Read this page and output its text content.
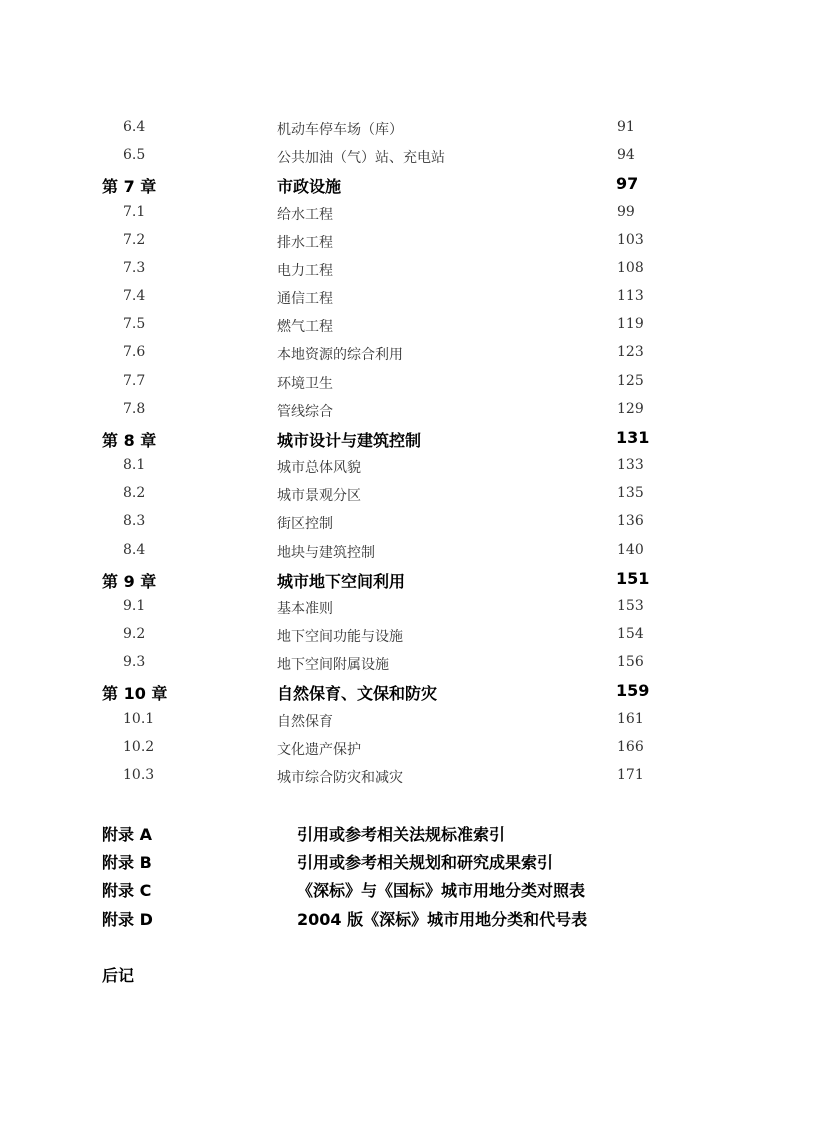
6.4	机动车停车场（库）	91
6.5	公共加油（气）站、充电站	94
第 7 章	市政设施	97
7.1	给水工程	99
7.2	排水工程	103
7.3	电力工程	108
7.4	通信工程	113
7.5	燃气工程	119
7.6	本地资源的综合利用	123
7.7	环境卫生	125
7.8	管线综合	129
第 8 章	城市设计与建筑控制	131
8.1	城市总体风貌	133
8.2	城市景观分区	135
8.3	街区控制	136
8.4	地块与建筑控制	140
第 9 章	城市地下空间利用	151
9.1	基本准则	153
9.2	地下空间功能与设施	154
9.3	地下空间附属设施	156
第 10 章	自然保育、文保和防灾	159
10.1	自然保育	161
10.2	文化遗产保护	166
10.3	城市综合防灾和减灾	171
附录 A	引用或参考相关法规标准索引
附录 B	引用或参考相关规划和研究成果索引
附录 C	《深标》与《国标》城市用地分类对照表
附录 D	2004 版《深标》城市用地分类和代号表
后记
